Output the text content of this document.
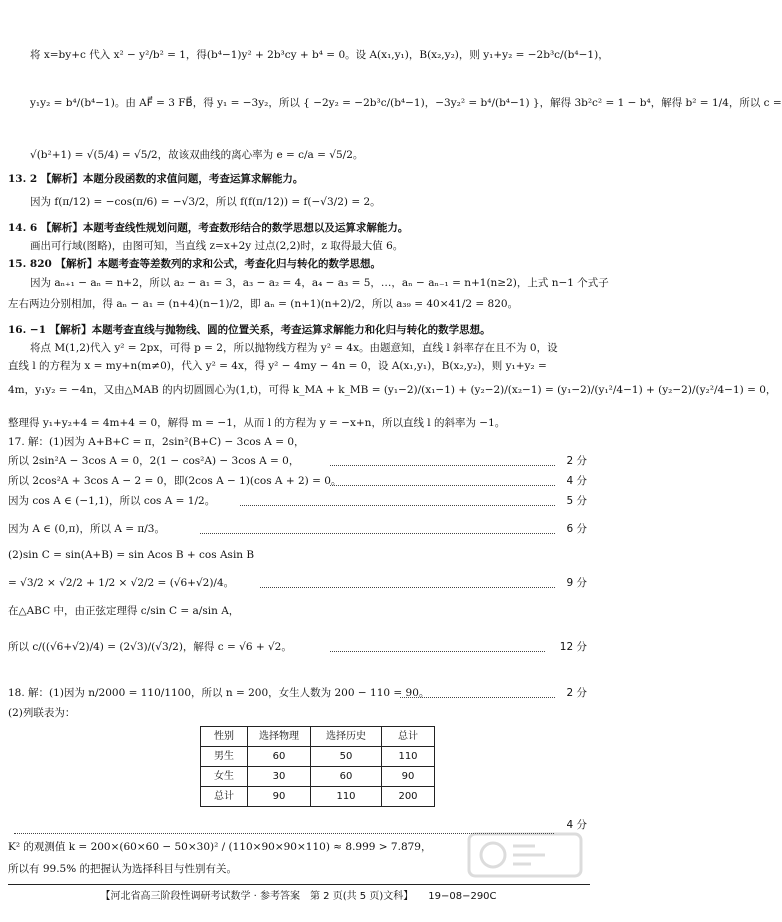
将 x=by+c 代入 x² − y²/b² = 1，得(b⁴−1)y² + 2b³cy + b⁴ = 0。设 A(x₁,y₁)，B(x₂,y₂)，则 y₁+y₂ = −2b³c/(b⁴−1)，
y₁y₂ = b⁴/(b⁴−1)。由 AF⃗ = 3 FB⃗，得 y₁ = −3y₂，所以 { −2y₂ = −2b³c/(b⁴−1)，−3y₂² = b⁴/(b⁴−1) }，解得 3b²c² = 1 − b⁴，解得 b² = 1/4，所以 c =
√(b²+1) = √(5/4) = √5/2，故该双曲线的离心率为 e = c/a = √5/2。
13. 2 【解析】本题分段函数的求值问题，考查运算求解能力。
因为 f(π/12) = −cos(π/6) = −√3/2，所以 f(f(π/12)) = f(−√3/2) = 2。
14. 6 【解析】本题考查线性规划问题，考查数形结合的数学思想以及运算求解能力。
画出可行域(图略)，由图可知，当直线 z=x+2y 过点(2,2)时，z 取得最大值 6。
15. 820 【解析】本题考查等差数列的求和公式，考查化归与转化的数学思想。
因为 aₙ₊₁ − aₙ = n+2，所以 a₂ − a₁ = 3，a₃ − a₂ = 4，a₄ − a₃ = 5，…，aₙ − aₙ₋₁ = n+1(n≥2)，上式 n−1 个式子
左右两边分别相加，得 aₙ − a₁ = (n+4)(n−1)/2，即 aₙ = (n+1)(n+2)/2，所以 a₃₉ = 40×41/2 = 820。
16. −1 【解析】本题考查直线与抛物线、圆的位置关系，考查运算求解能力和化归与转化的数学思想。
将点 M(1,2)代入 y² = 2px，可得 p = 2，所以抛物线方程为 y² = 4x。由题意知，直线 l 斜率存在且不为 0，设
直线 l 的方程为 x = my+n(m≠0)，代入 y² = 4x，得 y² − 4my − 4n = 0，设 A(x₁,y₁)，B(x₂,y₂)，则 y₁+y₂ =
4m，y₁y₂ = −4n，又由△MAB 的内切圆圆心为(1,t)，可得 k_MA + k_MB = (y₁−2)/(x₁−1) + (y₂−2)/(x₂−1) = (y₁−2)/(y₁²/4−1) + (y₂−2)/(y₂²/4−1) = 0，
整理得 y₁+y₂+4 = 4m+4 = 0，解得 m = −1，从而 l 的方程为 y = −x+n，所以直线 l 的斜率为 −1。
17. 解：(1)因为 A+B+C = π，2sin²(B+C) − 3cos A = 0，
所以 2sin²A − 3cos A = 0，2(1 − cos²A) − 3cos A = 0，	2 分
所以 2cos²A + 3cos A − 2 = 0，即(2cos A − 1)(cos A + 2) = 0。	4 分
因为 cos A ∈ (−1,1)，所以 cos A = 1/2。	5 分
因为 A ∈ (0,π)，所以 A = π/3。	6 分
(2)sin C = sin(A+B) = sin Acos B + cos Asin B
= √3/2 × √2/2 + 1/2 × √2/2 = (√6+√2)/4。	9 分
在△ABC 中，由正弦定理得 c/sin C = a/sin A，
所以 c/((√6+√2)/4) = (2√3)/(√3/2)，解得 c = √6 + √2。	12 分
18. 解：(1)因为 n/2000 = 110/1100，所以 n = 200，女生人数为 200 − 110 = 90。	2 分
(2)列联表为：
性别	选择物理	选择历史	总计
男生	60	50	110
女生	30	60	90
总计	90	110	200
4 分
K² 的观测值 k = 200×(60×60 − 50×30)² / (110×90×90×110) ≈ 8.999 > 7.879，
所以有 99.5% 的把握认为选择科目与性别有关。
【河北省高三阶段性调研考试数学 · 参考答案　第 2 页(共 5 页)文科】　　19−08−290C
